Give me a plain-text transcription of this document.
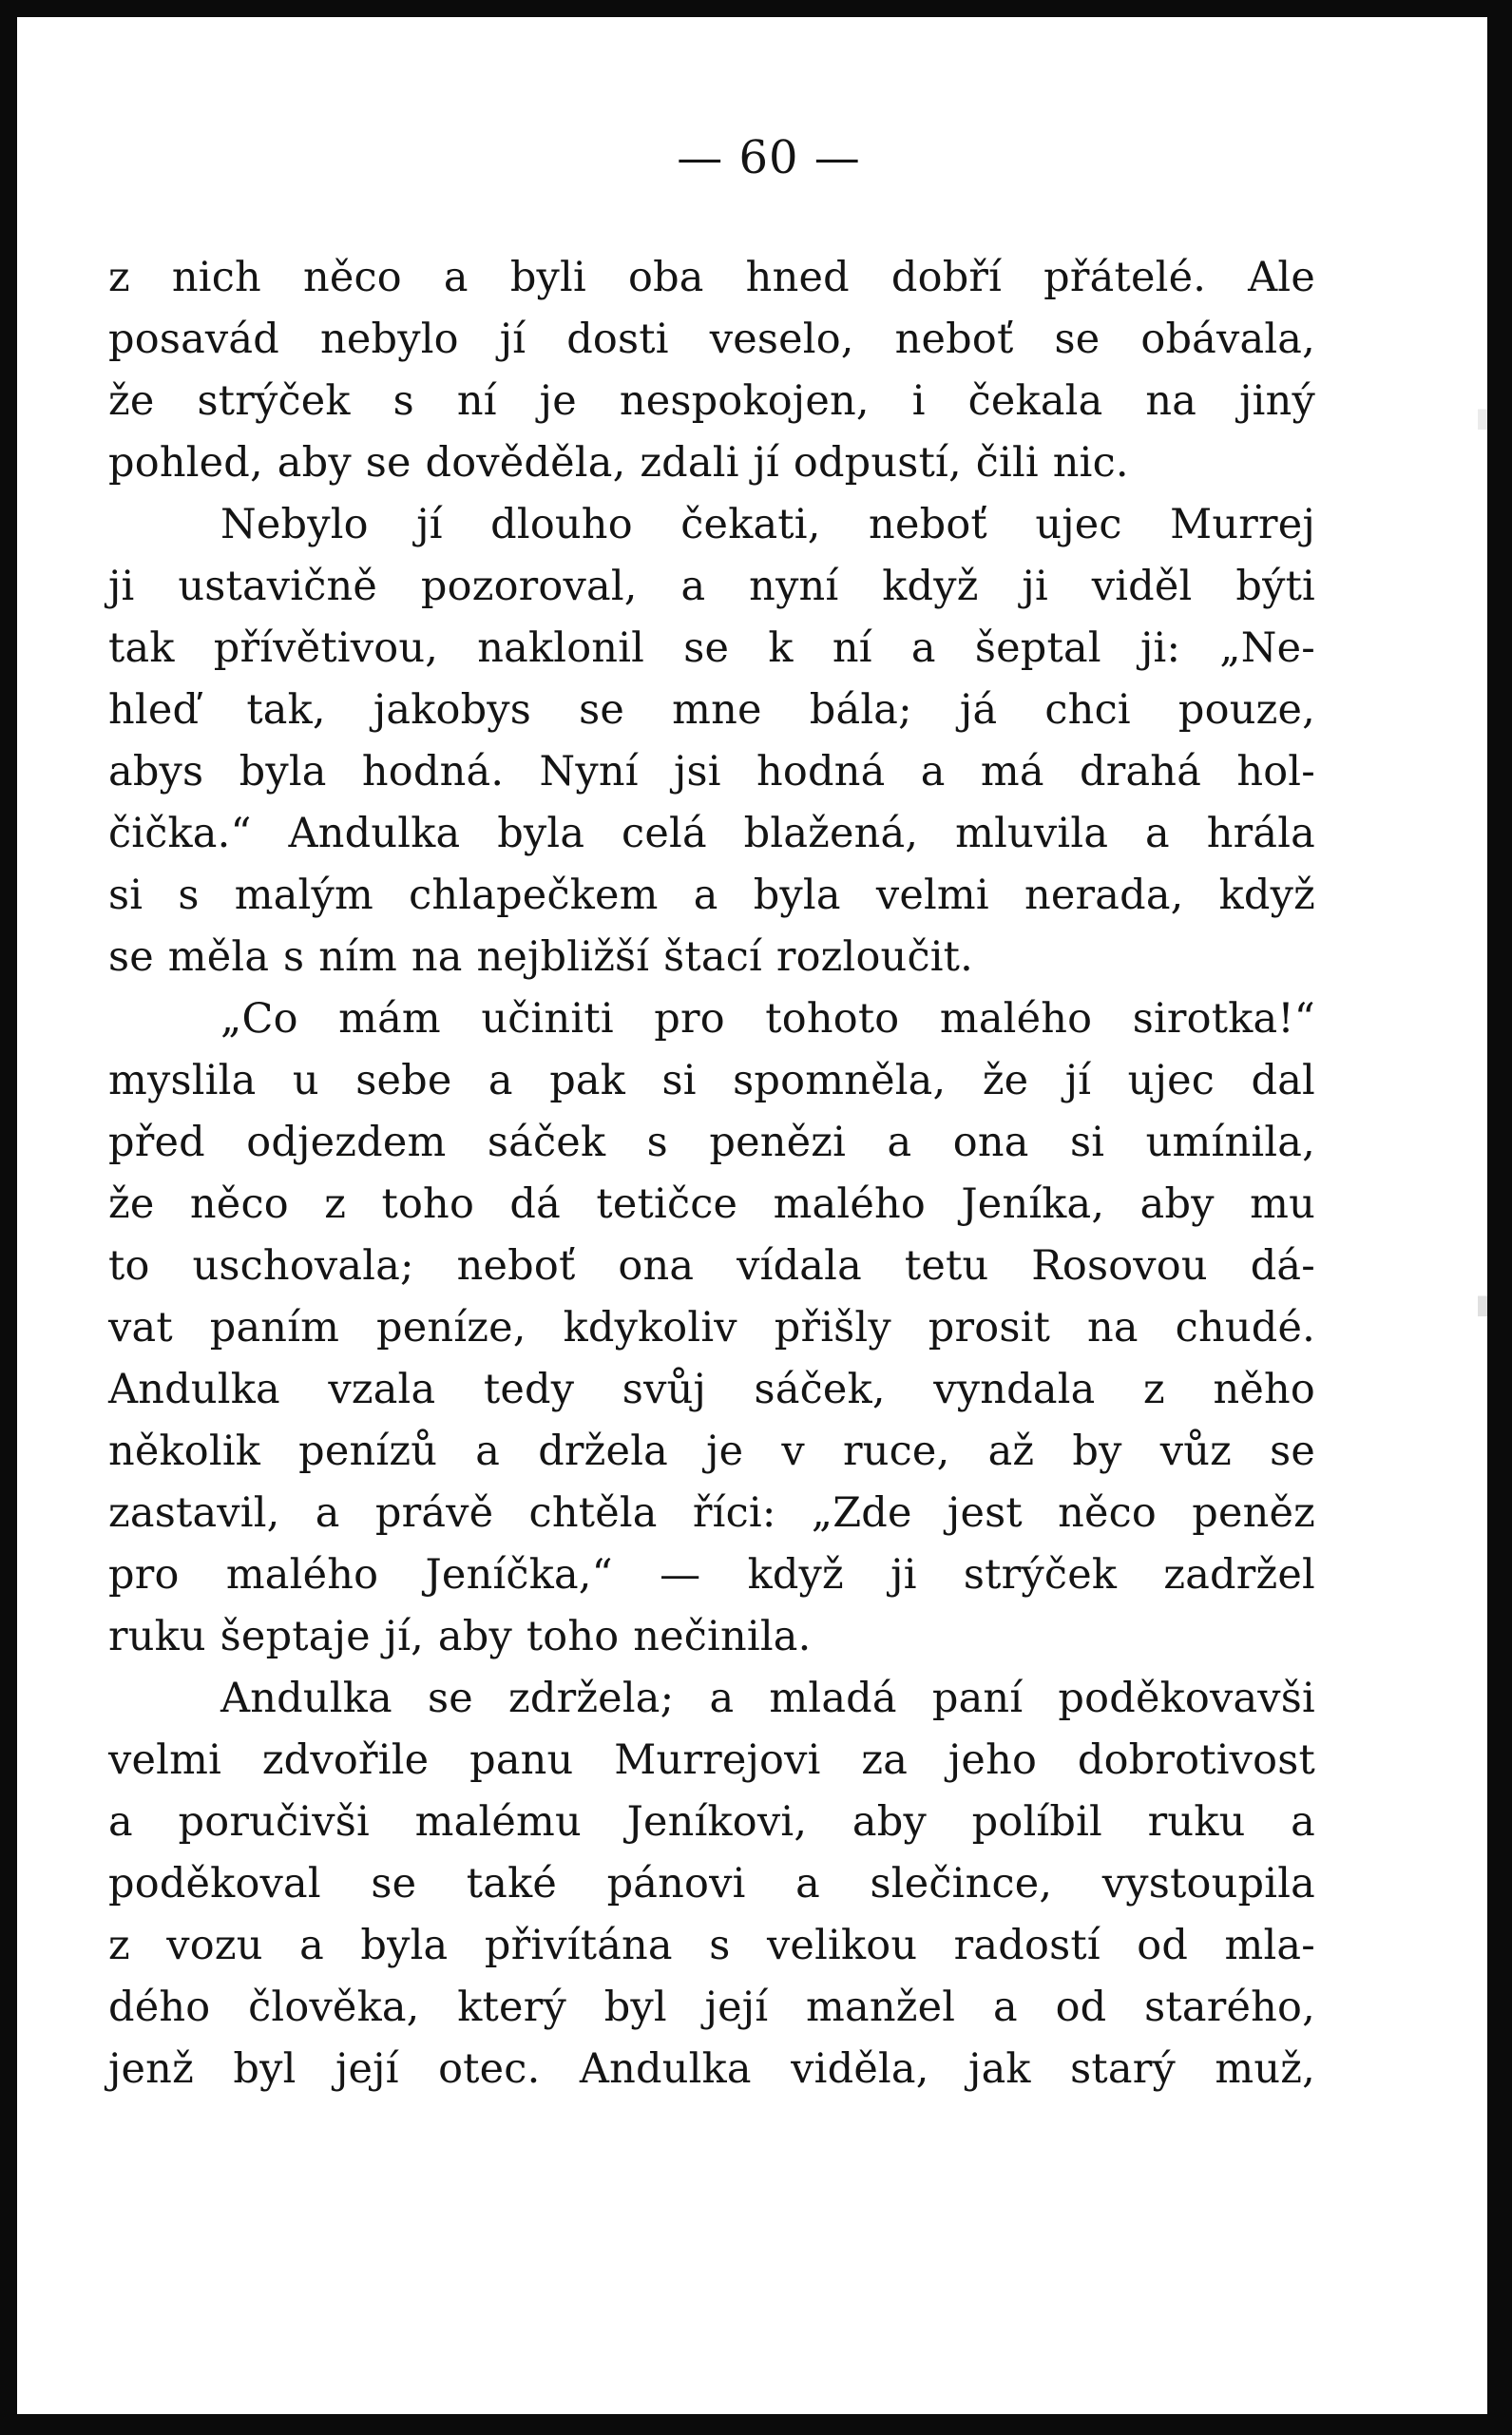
— 60 —
z nich něco a byli oba hned dobří přátelé. Ale
posavád nebylo jí dosti veselo, neboť se obávala,
že strýček s ní je nespokojen, i čekala na jiný
pohled, aby se dověděla, zdali jí odpustí, čili nic.
Nebylo jí dlouho čekati, neboť ujec Murrej
ji ustavičně pozoroval, a nyní když ji viděl býti
tak přívětivou, naklonil se k ní a šeptal ji: „Ne-
hleď tak, jakobys se mne bála; já chci pouze,
abys byla hodná. Nyní jsi hodná a má drahá hol-
čička.“ Andulka byla celá blažená, mluvila a hrála
si s malým chlapečkem a byla velmi nerada, když
se měla s ním na nejbližší štací rozloučit.
„Co mám učiniti pro tohoto malého sirotka!“
myslila u sebe a pak si spomněla, že jí ujec dal
před odjezdem sáček s penězi a ona si umínila,
že něco z toho dá tetičce malého Jeníka, aby mu
to uschovala; neboť ona vídala tetu Rosovou dá-
vat paním peníze, kdykoliv přišly prosit na chudé.
Andulka vzala tedy svůj sáček, vyndala z něho
několik penízů a držela je v ruce, až by vůz se
zastavil, a právě chtěla říci: „Zde jest něco peněz
pro malého Jeníčka,“ — když ji strýček zadržel
ruku šeptaje jí, aby toho nečinila.
Andulka se zdržela; a mladá paní poděkovavši
velmi zdvořile panu Murrejovi za jeho dobrotivost
a poručivši malému Jeníkovi, aby políbil ruku a
poděkoval se také pánovi a slečince, vystoupila
z vozu a byla přivítána s velikou radostí od mla-
dého člověka, který byl její manžel a od starého,
jenž byl její otec. Andulka viděla, jak starý muž,
